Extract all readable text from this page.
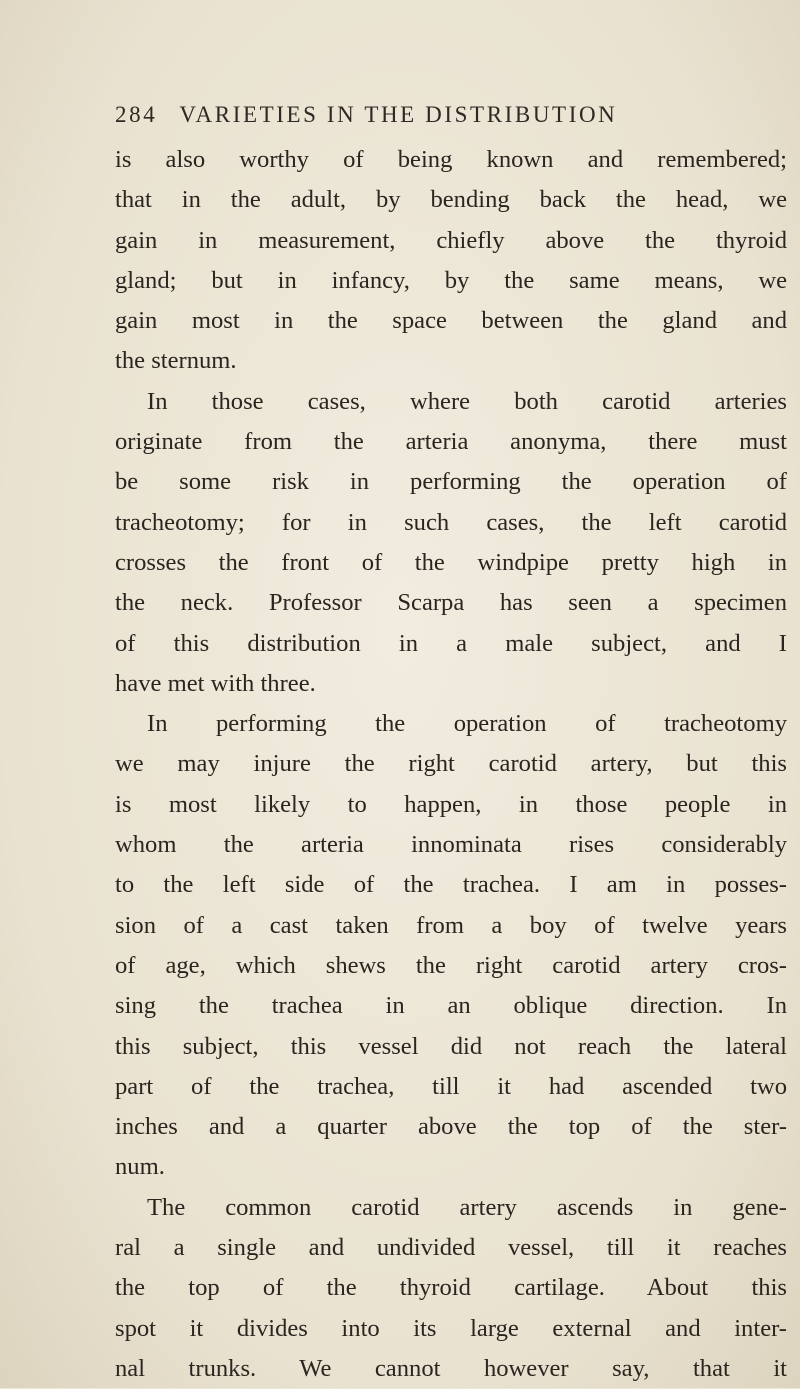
284 VARIETIES IN THE DISTRIBUTION
is also worthy of being known and remembered;
that in the adult, by bending back the head, we
gain in measurement, chiefly above the thyroid
gland; but in infancy, by the same means, we
gain most in the space between the gland and
the sternum.
In those cases, where both carotid arteries
originate from the arteria anonyma, there must
be some risk in performing the operation of
tracheotomy; for in such cases, the left carotid
crosses the front of the windpipe pretty high in
the neck. Professor Scarpa has seen a specimen
of this distribution in a male subject, and I
have met with three.
In performing the operation of tracheotomy
we may injure the right carotid artery, but this
is most likely to happen, in those people in
whom the arteria innominata rises considerably
to the left side of the trachea. I am in posses-
sion of a cast taken from a boy of twelve years
of age, which shews the right carotid artery cros-
sing the trachea in an oblique direction. In
this subject, this vessel did not reach the lateral
part of the trachea, till it had ascended two
inches and a quarter above the top of the ster-
num.
The common carotid artery ascends in gene-
ral a single and undivided vessel, till it reaches
the top of the thyroid cartilage. About this
spot it divides into its large external and inter-
nal trunks. We cannot however say, that it
